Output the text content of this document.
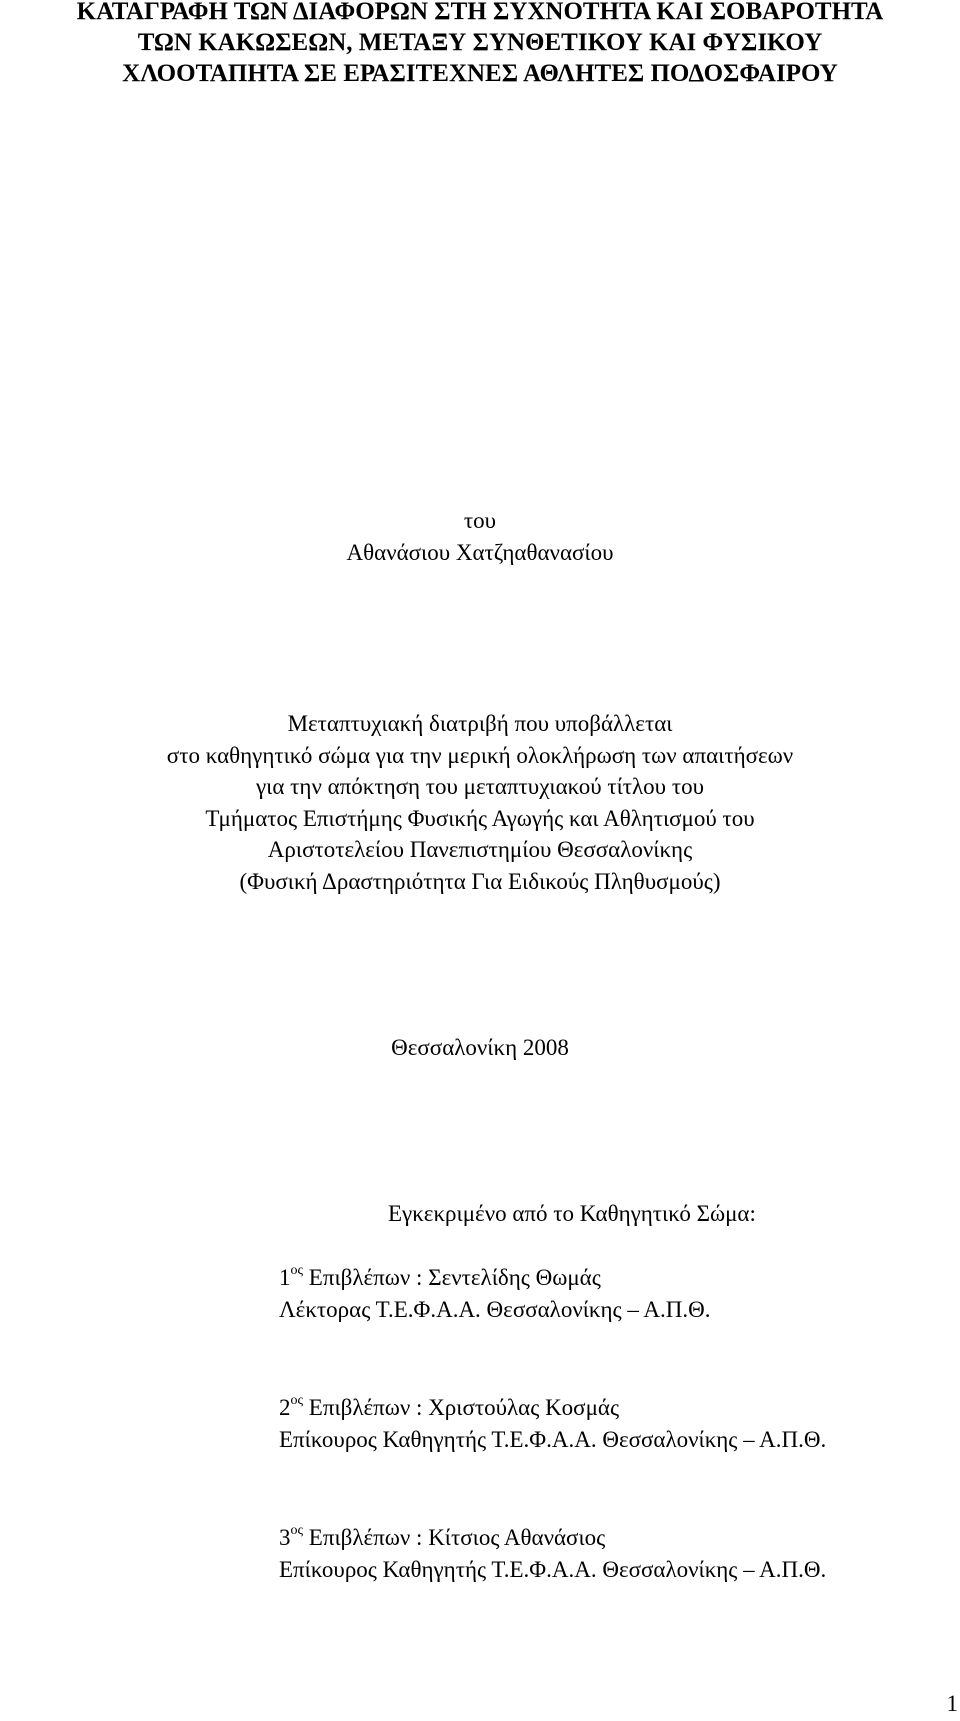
ΚΑΤΑΓΡΑΦΗ ΤΩΝ ΔΙΑΦΟΡΩΝ ΣΤΗ ΣΥΧΝΟΤΗΤΑ ΚΑΙ ΣΟΒΑΡΟΤΗΤΑ
ΤΩΝ ΚΑΚΩΣΕΩΝ, ΜΕΤΑΞΥ ΣΥΝΘΕΤΙΚΟΥ ΚΑΙ ΦΥΣΙΚΟΥ
ΧΛΟΟΤΑΠΗΤΑ ΣΕ ΕΡΑΣΙΤΕΧΝΕΣ ΑΘΛΗΤΕΣ ΠΟΔΟΣΦΑΙΡΟΥ
του
Αθανάσιου Χατζηαθανασίου
Μεταπτυχιακή διατριβή που υποβάλλεται
στο καθηγητικό σώμα για την μερική ολοκλήρωση των απαιτήσεων
για την απόκτηση του μεταπτυχιακού τίτλου του
Τμήματος Επιστήμης Φυσικής Αγωγής και Αθλητισμού του
Αριστοτελείου Πανεπιστημίου Θεσσαλονίκης
(Φυσική Δραστηριότητα Για Ειδικούς Πληθυσμούς)
Θεσσαλονίκη 2008
Εγκεκριμένο από το Καθηγητικό Σώμα:
$1^{o\varsigma}$ Επιβλέπων : Σεντελίδης Θωμάς
Λέκτορας Τ.Ε.Φ.Α.Α. Θεσσαλονίκης – Α.Π.Θ.
$2^{o\varsigma}$ Επιβλέπων : Χριστούλας Κοσμάς
Επίκουρος Καθηγητής Τ.Ε.Φ.Α.Α. Θεσσαλονίκης – Α.Π.Θ.
$3^{o\varsigma}$ Επιβλέπων : Κίτσιος Αθανάσιος
Επίκουρος Καθηγητής Τ.Ε.Φ.Α.Α. Θεσσαλονίκης – Α.Π.Θ.
1
